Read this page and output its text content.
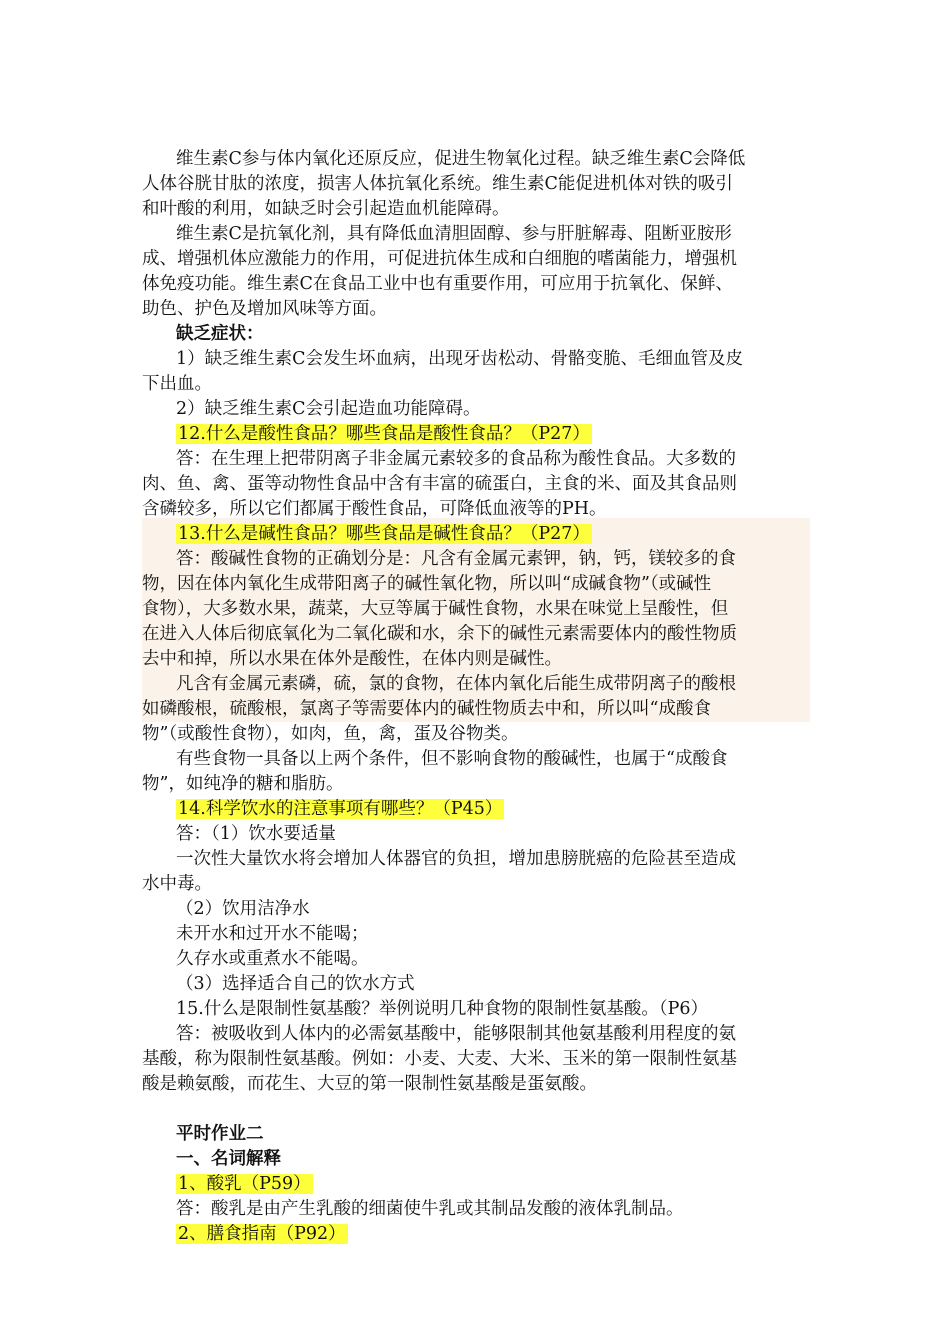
维生素C参与体内氧化还原反应，促进生物氧化过程。缺乏维生素C会降低
人体谷胱甘肽的浓度，损害人体抗氧化系统。维生素C能促进机体对铁的吸引
和叶酸的利用，如缺乏时会引起造血机能障碍。
维生素C是抗氧化剂，具有降低血清胆固醇、参与肝脏解毒、阻断亚胺形
成、增强机体应激能力的作用，可促进抗体生成和白细胞的嗜菌能力，增强机
体免疫功能。维生素C在食品工业中也有重要作用，可应用于抗氧化、保鲜、
助色、护色及增加风味等方面。
缺乏症状：
1）缺乏维生素C会发生坏血病，出现牙齿松动、骨骼变脆、毛细血管及皮
下出血。
2）缺乏维生素C会引起造血功能障碍。
12.什么是酸性食品？哪些食品是酸性食品？（P27）
答：在生理上把带阴离子非金属元素较多的食品称为酸性食品。大多数的
肉、鱼、禽、蛋等动物性食品中含有丰富的硫蛋白，主食的米、面及其食品则
含磷较多，所以它们都属于酸性食品，可降低血液等的PH。
13.什么是碱性食品？哪些食品是碱性食品？（P27）
答：酸碱性食物的正确划分是：凡含有金属元素钾，钠，钙，镁较多的食
物，因在体内氧化生成带阳离子的碱性氧化物，所以叫“成碱食物”（或碱性
食物），大多数水果，蔬菜，大豆等属于碱性食物，水果在味觉上呈酸性，但
在进入人体后彻底氧化为二氧化碳和水，余下的碱性元素需要体内的酸性物质
去中和掉，所以水果在体外是酸性，在体内则是碱性。
凡含有金属元素磷，硫，氯的食物，在体内氧化后能生成带阴离子的酸根
如磷酸根，硫酸根，氯离子等需要体内的碱性物质去中和，所以叫“成酸食
物”（或酸性食物），如肉，鱼，禽，蛋及谷物类。
有些食物一具备以上两个条件，但不影响食物的酸碱性，也属于“成酸食
物”，如纯净的糖和脂肪。
14.科学饮水的注意事项有哪些？（P45）
答：（1）饮水要适量
一次性大量饮水将会增加人体器官的负担，增加患膀胱癌的危险甚至造成
水中毒。
（2）饮用洁净水
未开水和过开水不能喝；
久存水或重煮水不能喝。
（3）选择适合自己的饮水方式
15.什么是限制性氨基酸？举例说明几种食物的限制性氨基酸。（P6）
答：被吸收到人体内的必需氨基酸中，能够限制其他氨基酸利用程度的氨
基酸，称为限制性氨基酸。例如：小麦、大麦、大米、玉米的第一限制性氨基
酸是赖氨酸，而花生、大豆的第一限制性氨基酸是蛋氨酸。
平时作业二
一、名词解释
1、酸乳（P59）
答：酸乳是由产生乳酸的细菌使牛乳或其制品发酸的液体乳制品。
2、膳食指南（P92）
